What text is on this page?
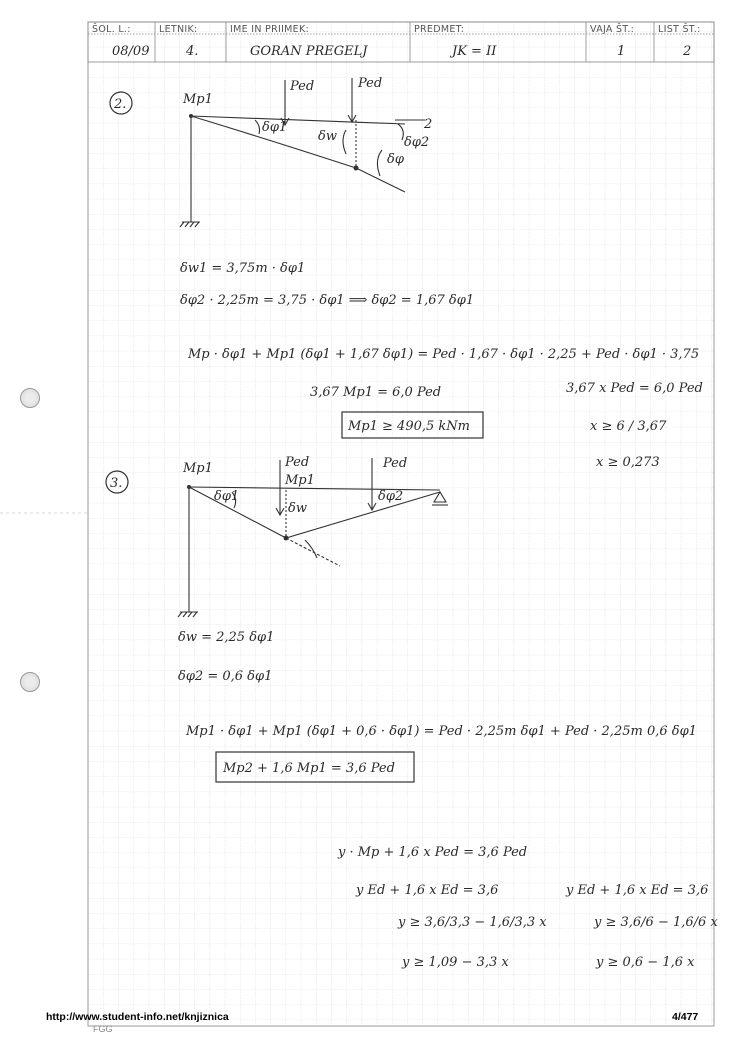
ŠOL. L.:	LETNIK:	IME IN PRIIMEK:	PREDMET:	VAJA ŠT.:	LIST ŠT.:
08/09	4.	GORAN PREGELJ	JK = II	1	2
2.	Mp1
Ped	Ped
δφ1
δw	δφ2
δφ
2
δw1 = 3,75m · δφ1
δφ2 · 2,25m = 3,75 · δφ1 ⟹ δφ2 = 1,67 δφ1
Mp · δφ1 + Mp1 (δφ1 + 1,67 δφ1) = Ped · 1,67 · δφ1 · 2,25 + Ped · δφ1 · 3,75
3,67 Mp1 = 6,0 Ped
Mp1 ≥ 490,5 kNm
3,67 x Ped = 6,0 Ped
x ≥ 6 / 3,67
x ≥ 0,273
3.
Mp1	Ped
Mp1
Ped
δφ1
δw
δφ2
δw = 2,25 δφ1
δφ2 = 0,6 δφ1
Mp1 · δφ1 + Mp1 (δφ1 + 0,6 · δφ1) = Ped · 2,25m δφ1 + Ped · 2,25m 0,6 δφ1
Mp2 + 1,6 Mp1 = 3,6 Ped
y · Mp + 1,6 x Ped = 3,6 Ped
y Ed + 1,6 x Ed = 3,6	y Ed + 1,6 x Ed = 3,6
y ≥ 3,6/3,3 − 1,6/3,3 x	y ≥ 3,6/6 − 1,6/6 x
y ≥ 1,09 − 3,3 x	y ≥ 0,6 − 1,6 x
http://www.student-info.net/knjiznica	4/477
FGG
